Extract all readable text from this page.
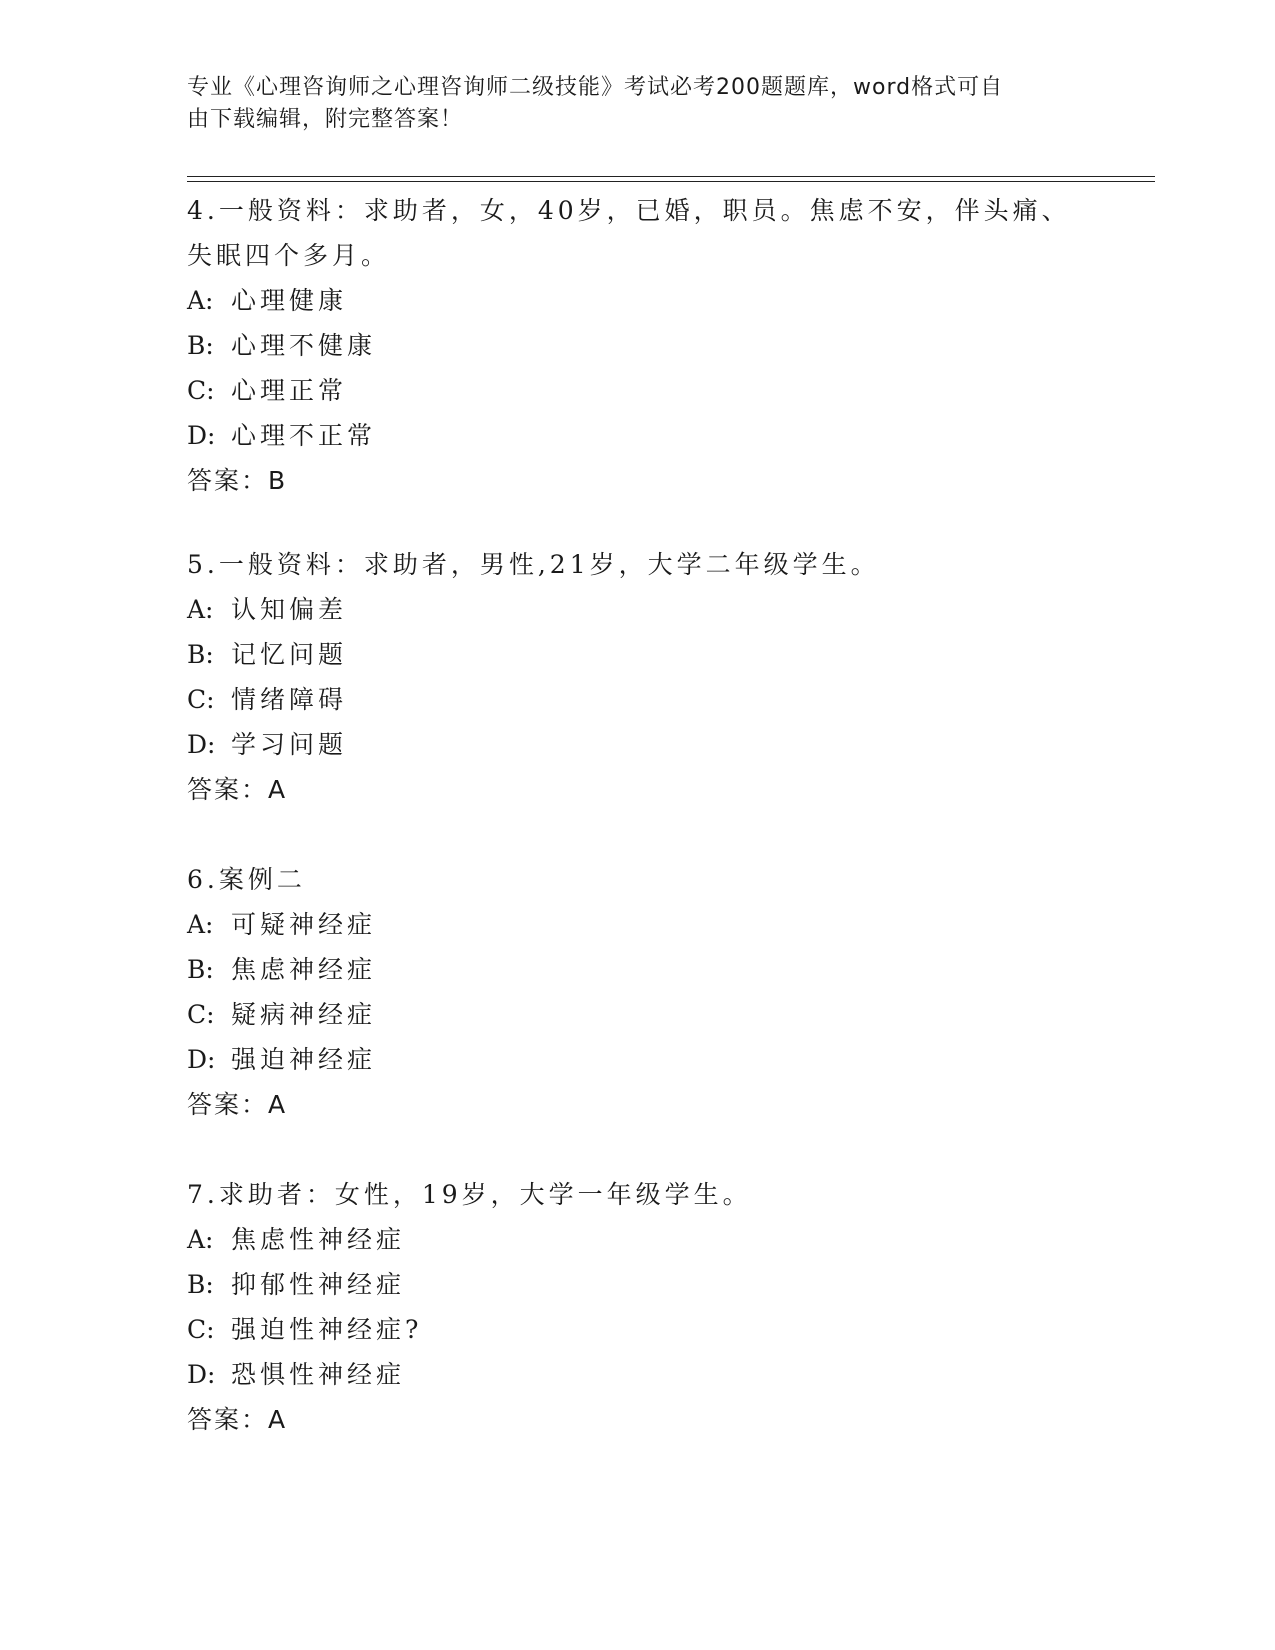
专业《心理咨询师之心理咨询师二级技能》考试必考200题题库，word格式可自
由下载编辑，附完整答案！
4.一般资料：求助者，女，40岁，已婚，职员。焦虑不安，伴头痛、
失眠四个多月。
A: 心理健康
B: 心理不健康
C: 心理正常
D: 心理不正常
答案：B
5.一般资料：求助者，男性,21岁，大学二年级学生。
A: 认知偏差
B: 记忆问题
C: 情绪障碍
D: 学习问题
答案：A
6.案例二
A: 可疑神经症
B: 焦虑神经症
C: 疑病神经症
D: 强迫神经症
答案：A
7.求助者：女性，19岁，大学一年级学生。
A: 焦虑性神经症
B: 抑郁性神经症
C: 强迫性神经症?
D: 恐惧性神经症
答案：A
